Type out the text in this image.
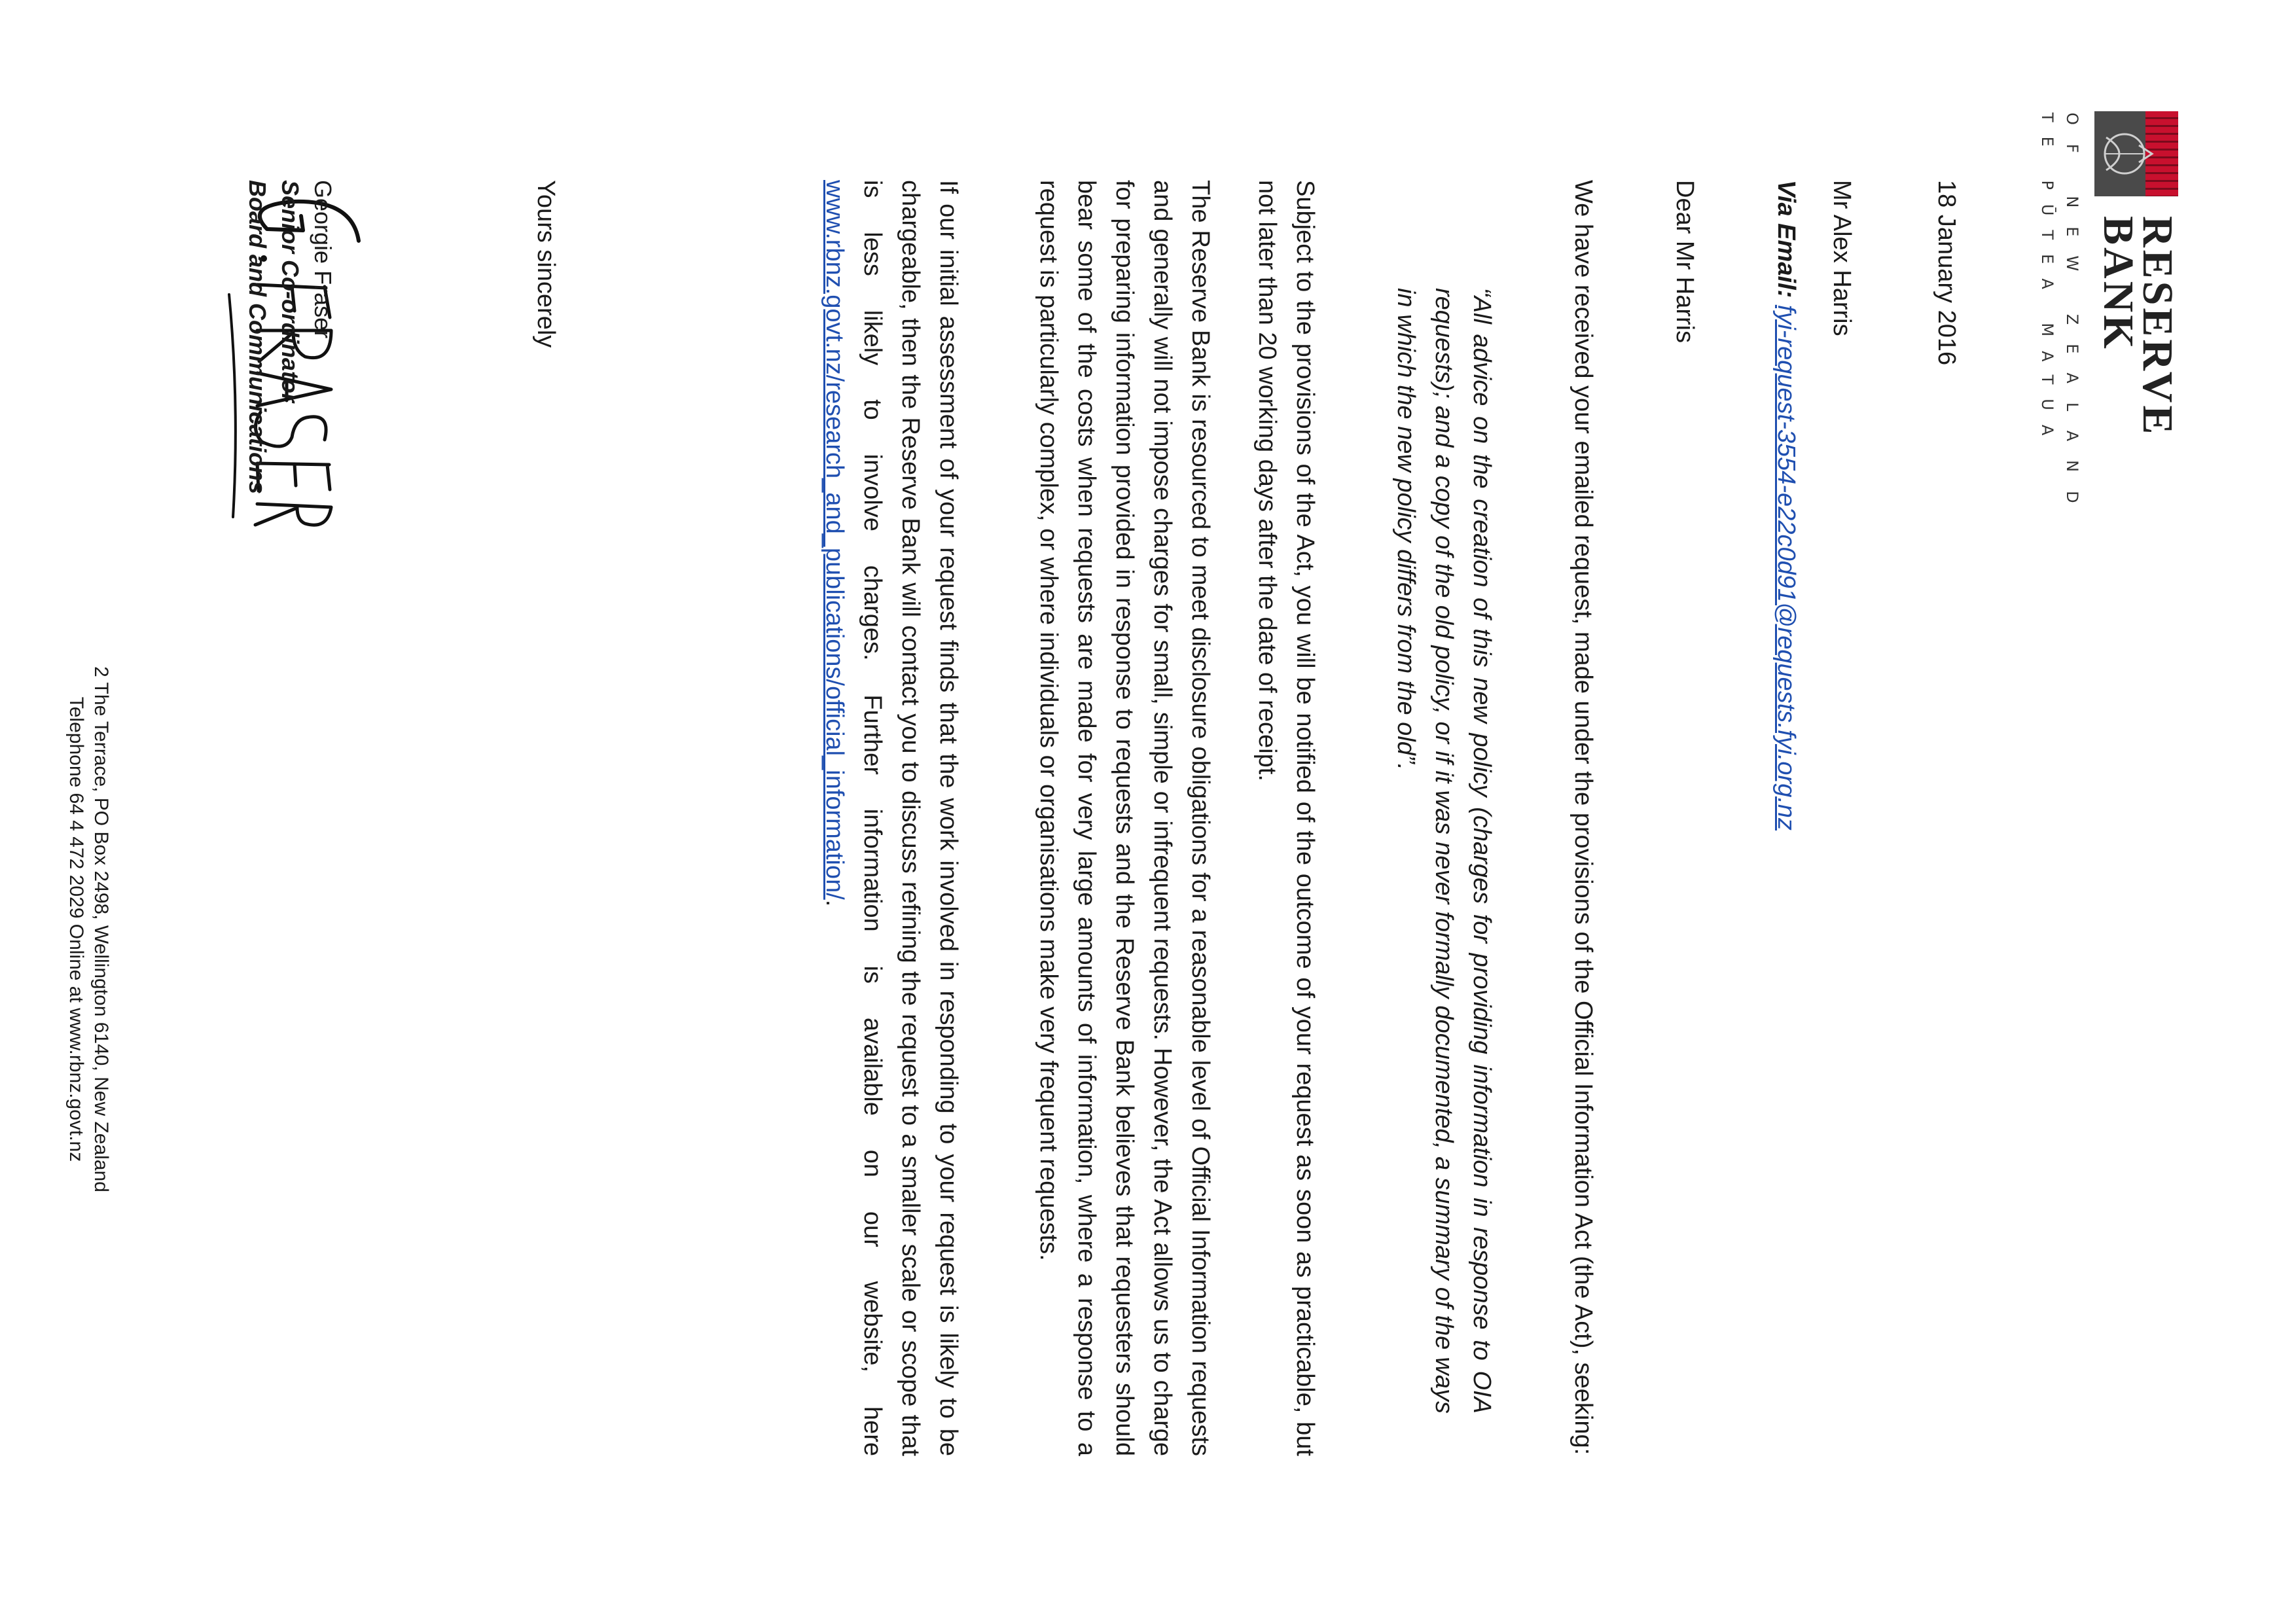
RESERVE
BANK
OF NEW ZEALAND
TE PŪTEA MATUA

18 January 2016

Mr Alex Harris

Via Email: fyi-request-3554-e22c0d91@requests.fyi.org.nz

Dear Mr Harris

We have received your emailed request, made under the provisions of the Official Information Act (the Act), seeking:

“All advice on the creation of this new policy (charges for providing information in response to OIA requests); and a copy of the old policy, or if it was never formally documented, a summary of the ways in which the new policy differs from the old”.

Subject to the provisions of the Act, you will be notified of the outcome of your request as soon as practicable, but not later than 20 working days after the date of receipt.

The Reserve Bank is resourced to meet disclosure obligations for a reasonable level of Official Information requests and generally will not impose charges for small, simple or infrequent requests. However, the Act allows us to charge for preparing information provided in response to requests and the Reserve Bank believes that requesters should bear some of the costs when requests are made for very large amounts of information, where a response to a request is particularly complex, or where individuals or organisations make very frequent requests.

If our initial assessment of your request finds that the work involved in responding to your request is likely to be chargeable, then the Reserve Bank will contact you to discuss refining the request to a smaller scale or scope that is less likely to involve charges. Further information is available on our website, here www.rbnz.govt.nz/research_and_publications/official_information/.

Yours sincerely

Georgie Fraser
Senior Co-ordinator
Board and Communications

2 The Terrace, PO Box 2498, Wellington 6140, New Zealand
Telephone 64 4 472 2029 Online at www.rbnz.govt.nz
